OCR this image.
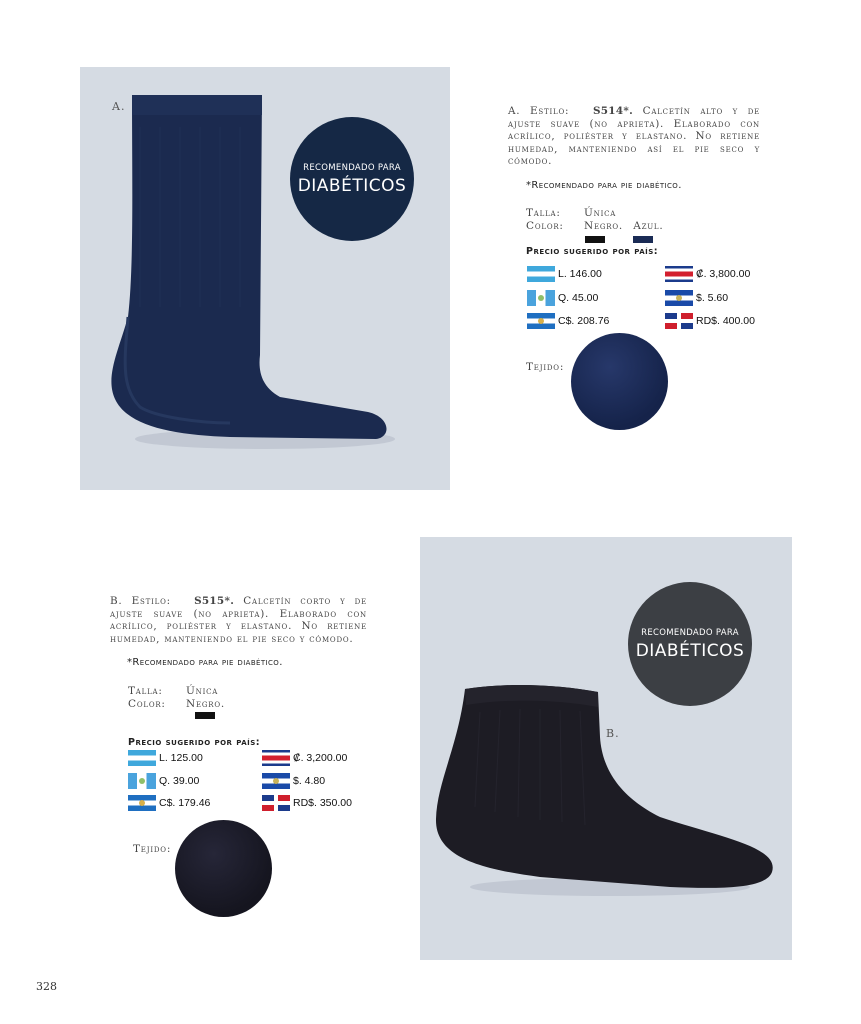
A.
RECOMENDADO PARA
DIABÉTICOS
A. Estilo: S514*. Calcetín alto y de ajuste suave (no aprieta). Elaborado con acrílico, poliéster y elastano. No retiene humedad, manteniendo así el pie seco y cómodo.
*Recomendado para pie diabético.
Talla: Única
Color: Negro. Azul.
Precio sugerido por país:
L. 146.00	₡. 3,800.00
Q. 45.00	$. 5.60
C$. 208.76	RD$. 400.00
Tejido:
B. Estilo: S515*. Calcetín corto y de ajuste suave (no aprieta). Elaborado con acrílico, poliéster y elastano. No retiene humedad, manteniendo el pie seco y cómodo.
*Recomendado para pie diabético.
Talla: Única
Color: Negro.
Precio sugerido por país:
L. 125.00	₡. 3,200.00
Q. 39.00	$. 4.80
C$. 179.46	RD$. 350.00
Tejido:
B.
RECOMENDADO PARA
DIABÉTICOS
328
